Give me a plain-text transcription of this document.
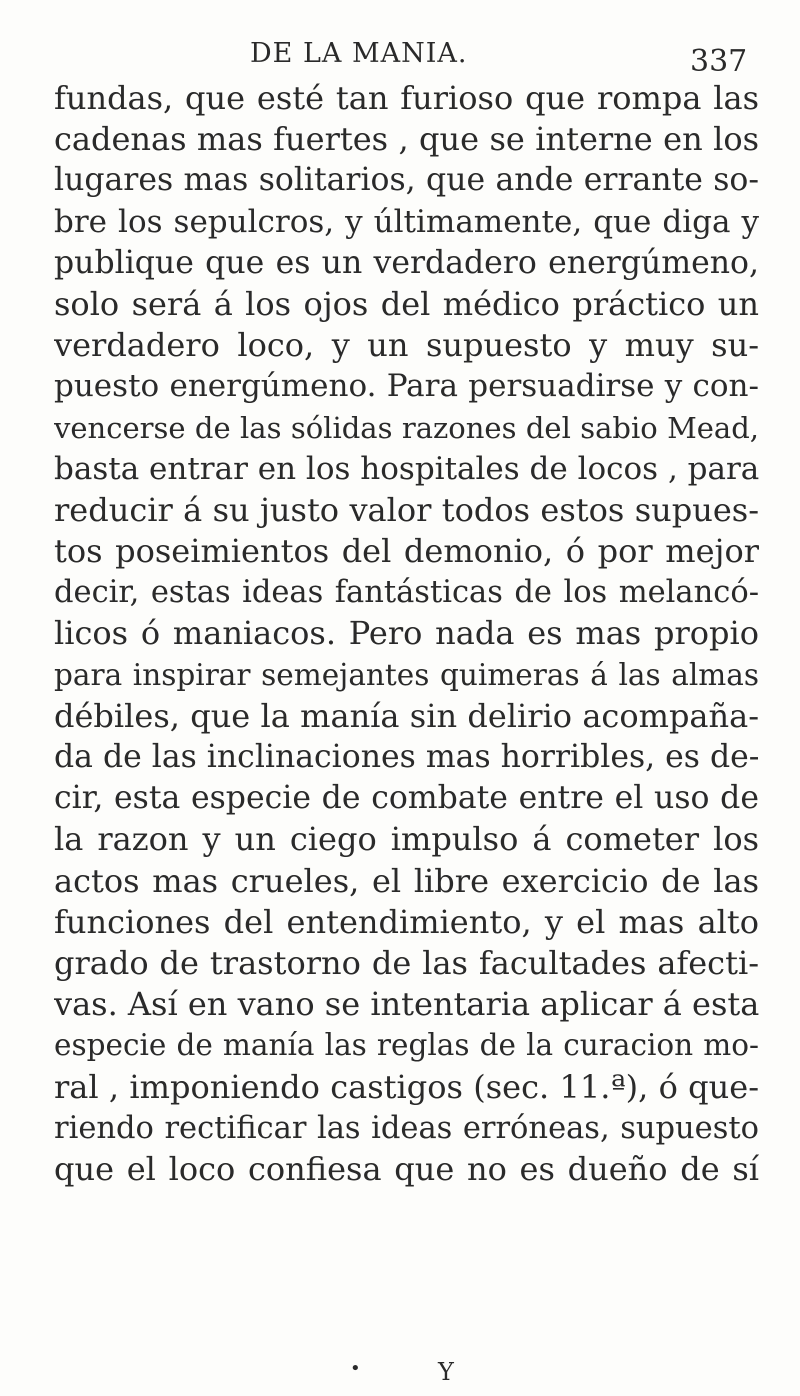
DE LA MANIA.	337
fundas, que esté tan furioso que rompa las
cadenas mas fuertes , que se interne en los
lugares mas solitarios, que ande errante so-
bre los sepulcros, y últimamente, que diga y
publique que es un verdadero energúmeno,
solo será á los ojos del médico práctico un
verdadero loco, y un supuesto y muy su-
puesto energúmeno. Para persuadirse y con-
vencerse de las sólidas razones del sabio Mead,
basta entrar en los hospitales de locos , para
reducir á su justo valor todos estos supues-
tos poseimientos del demonio, ó por mejor
decir, estas ideas fantásticas de los melancó-
licos ó maniacos. Pero nada es mas propio
para inspirar semejantes quimeras á las almas
débiles, que la manía sin delirio acompaña-
da de las inclinaciones mas horribles, es de-
cir, esta especie de combate entre el uso de
la razon y un ciego impulso á cometer los
actos mas crueles, el libre exercicio de las
funciones del entendimiento, y el mas alto
grado de trastorno de las facultades afecti-
vas. Así en vano se intentaria aplicar á esta
especie de manía las reglas de la curacion mo-
ral , imponiendo castigos (sec. 11.ª), ó que-
riendo rectificar las ideas erróneas, supuesto
que el loco confiesa que no es dueño de sí
•	Y
